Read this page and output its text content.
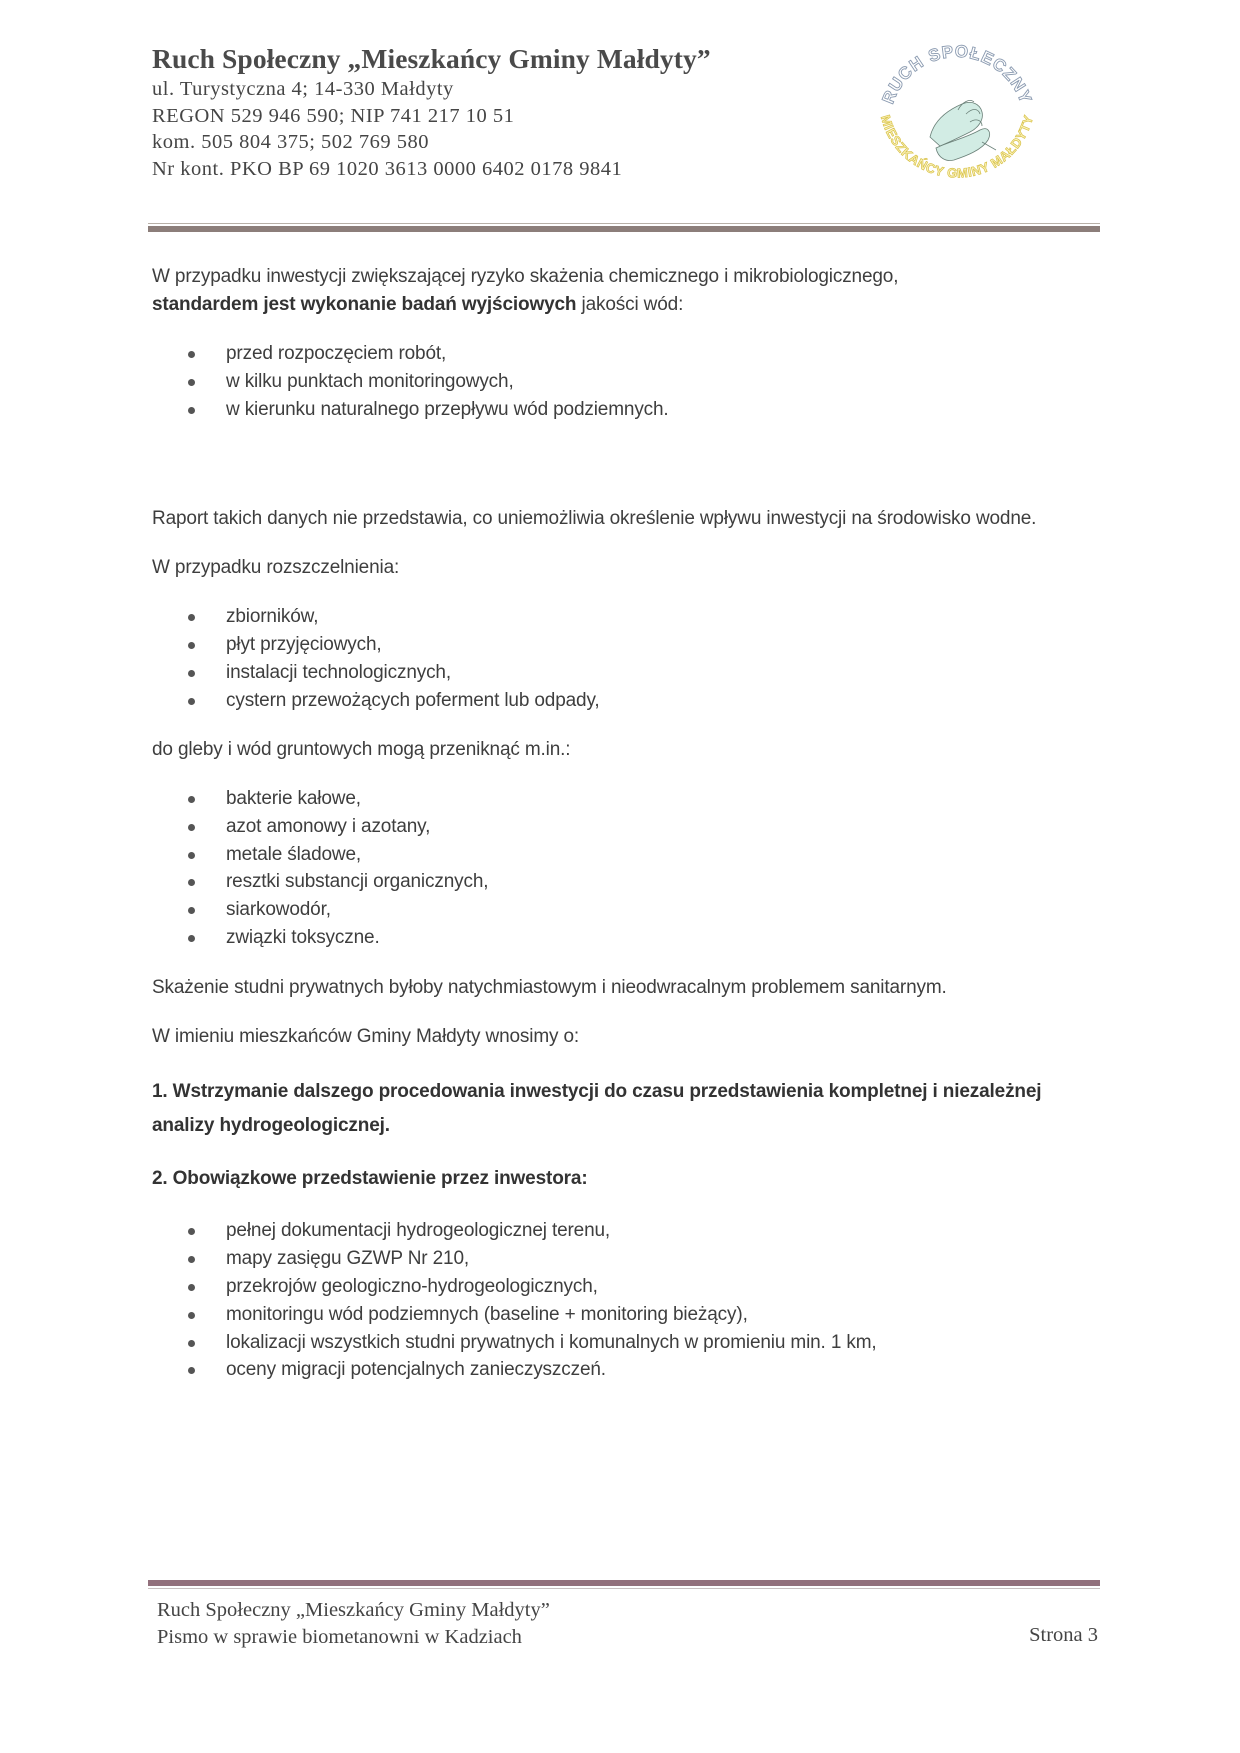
Ruch Społeczny „Mieszkańcy Gminy Małdyty”
ul. Turystyczna 4; 14-330 Małdyty
REGON 529 946 590; NIP 741 217 10 51
kom. 505 804 375; 502 769 580
Nr kont. PKO BP 69 1020 3613 0000 6402 0178 9841
RUCH SPOŁECZNY
MIESZKAŃCY GMINY MAŁDYTY

W przypadku inwestycji zwiększającej ryzyko skażenia chemicznego i mikrobiologicznego,
standardem jest wykonanie badań wyjściowych jakości wód:

przed rozpoczęciem robót,
w kilku punktach monitoringowych,
w kierunku naturalnego przepływu wód podziemnych.

Raport takich danych nie przedstawia, co uniemożliwia określenie wpływu inwestycji na środowisko wodne.

W przypadku rozszczelnienia:

zbiorników,
płyt przyjęciowych,
instalacji technologicznych,
cystern przewożących poferment lub odpady,

do gleby i wód gruntowych mogą przeniknąć m.in.:

bakterie kałowe,
azot amonowy i azotany,
metale śladowe,
resztki substancji organicznych,
siarkowodór,
związki toksyczne.

Skażenie studni prywatnych byłoby natychmiastowym i nieodwracalnym problemem sanitarnym.

W imieniu mieszkańców Gminy Małdyty wnosimy o:

1. Wstrzymanie dalszego procedowania inwestycji do czasu przedstawienia kompletnej i niezależnej analizy hydrogeologicznej.

2. Obowiązkowe przedstawienie przez inwestora:

pełnej dokumentacji hydrogeologicznej terenu,
mapy zasięgu GZWP Nr 210,
przekrojów geologiczno-hydrogeologicznych,
monitoringu wód podziemnych (baseline + monitoring bieżący),
lokalizacji wszystkich studni prywatnych i komunalnych w promieniu min. 1 km,
oceny migracji potencjalnych zanieczyszczeń.
Ruch Społeczny „Mieszkańcy Gminy Małdyty”
Pismo w sprawie biometanowni w Kadziach	Strona 3
